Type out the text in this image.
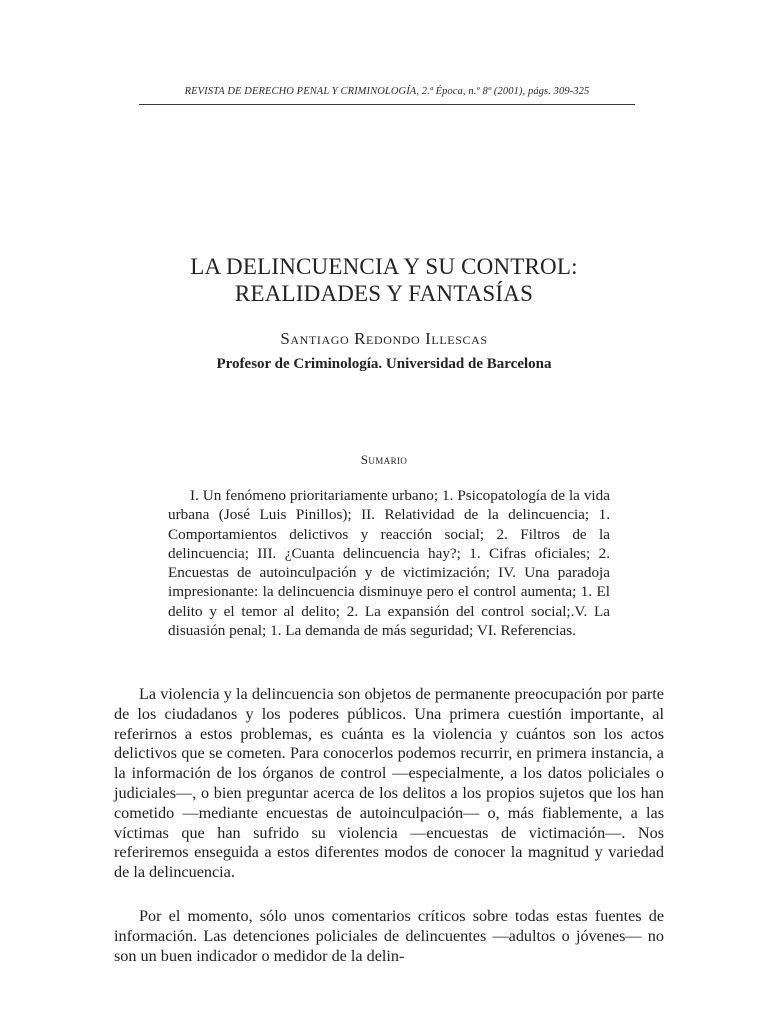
REVISTA DE DERECHO PENAL Y CRIMINOLOGÍA, 2.ª Época, n.º 8º (2001), págs. 309-325
LA DELINCUENCIA Y SU CONTROL:
REALIDADES Y FANTASÍAS
Santiago Redondo Illescas
Profesor de Criminología. Universidad de Barcelona
Sumario

I. Un fenómeno prioritariamente urbano; 1. Psicopatología de la vida urbana (José Luis Pinillos); II. Relatividad de la delincuencia; 1. Comportamientos delictivos y reacción social; 2. Filtros de la delincuencia; III. ¿Cuanta delincuencia hay?; 1. Cifras oficiales; 2. Encuestas de autoinculpación y de victimización; IV. Una paradoja impresionante: la delincuencia disminuye pero el control aumenta; 1. El delito y el temor al delito; 2. La expansión del control social;.V. La disuasión penal; 1. La demanda de más seguridad; VI. Referencias.

La violencia y la delincuencia son objetos de permanente preocupación por parte de los ciudadanos y los poderes públicos. Una primera cuestión importante, al referirnos a estos problemas, es cuánta es la violencia y cuántos son los actos delictivos que se cometen. Para conocerlos podemos recurrir, en primera instancia, a la información de los órganos de control —especialmente, a los datos policiales o judiciales—, o bien preguntar acerca de los delitos a los propios sujetos que los han cometido —mediante encuestas de autoinculpación— o, más fiablemente, a las víctimas que han sufrido su violencia —encuestas de victimación—. Nos referiremos enseguida a estos diferentes modos de conocer la magnitud y variedad de la delincuencia.

Por el momento, sólo unos comentarios críticos sobre todas estas fuentes de información. Las detenciones policiales de delincuentes —adultos o jóvenes— no son un buen indicador o medidor de la delin-
